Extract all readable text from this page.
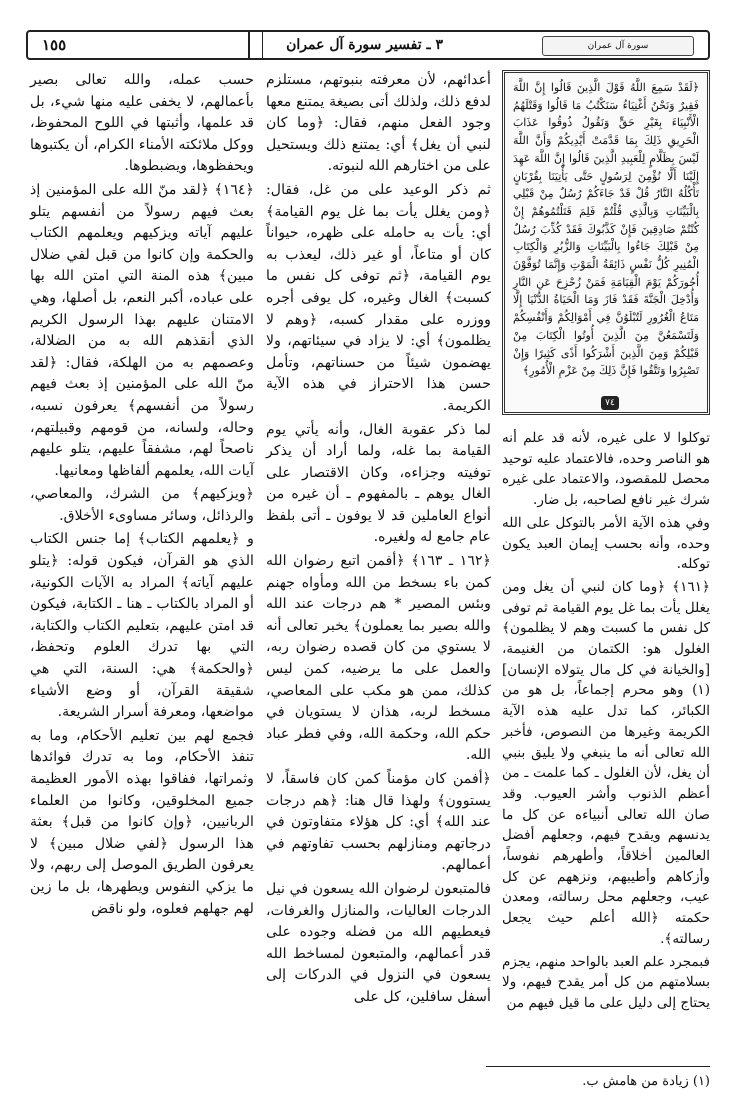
سورة آل عمران
٣ ـ تفسير سورة آل عمران
١٥٥
﴿لَقَدْ سَمِعَ اللَّهُ قَوْلَ الَّذِينَ قَالُوا إِنَّ اللَّهَ فَقِيرٌ وَنَحْنُ أَغْنِيَاءُ سَنَكْتُبُ مَا قَالُوا وَقَتْلَهُمُ الْأَنْبِيَاءَ بِغَيْرِ حَقٍّ وَنَقُولُ ذُوقُوا عَذَابَ الْحَرِيقِ ذَلِكَ بِمَا قَدَّمَتْ أَيْدِيكُمْ وَأَنَّ اللَّهَ لَيْسَ بِظَلَّامٍ لِلْعَبِيدِ الَّذِينَ قَالُوا إِنَّ اللَّهَ عَهِدَ إِلَيْنَا أَلَّا نُؤْمِنَ لِرَسُولٍ حَتَّى يَأْتِيَنَا بِقُرْبَانٍ تَأْكُلُهُ النَّارُ قُلْ قَدْ جَاءَكُمْ رُسُلٌ مِنْ قَبْلِي بِالْبَيِّنَاتِ وَبِالَّذِي قُلْتُمْ فَلِمَ قَتَلْتُمُوهُمْ إِنْ كُنْتُمْ صَادِقِينَ فَإِنْ كَذَّبُوكَ فَقَدْ كُذِّبَ رُسُلٌ مِنْ قَبْلِكَ جَاءُوا بِالْبَيِّنَاتِ وَالزُّبُرِ وَالْكِتَابِ الْمُنِيرِ كُلُّ نَفْسٍ ذَائِقَةُ الْمَوْتِ وَإِنَّمَا تُوَفَّوْنَ أُجُورَكُمْ يَوْمَ الْقِيَامَةِ فَمَنْ زُحْزِحَ عَنِ النَّارِ وَأُدْخِلَ الْجَنَّةَ فَقَدْ فَازَ وَمَا الْحَيَاةُ الدُّنْيَا إِلَّا مَتَاعُ الْغُرُورِ لَتُبْلَوُنَّ فِي أَمْوَالِكُمْ وَأَنْفُسِكُمْ وَلَتَسْمَعُنَّ مِنَ الَّذِينَ أُوتُوا الْكِتَابَ مِنْ قَبْلِكُمْ وَمِنَ الَّذِينَ أَشْرَكُوا أَذًى كَثِيرًا وَإِنْ تَصْبِرُوا وَتَتَّقُوا فَإِنَّ ذَلِكَ مِنْ عَزْمِ الْأُمُورِ﴾
٧٤

أعدائهم، لأن معرفته بنبوتهم، مستلزم لدفع ذلك، ولذلك أتى بصيغة يمتنع معها وجود الفعل منهم، فقال: ﴿وما كان لنبي أن يغل﴾ أي: يمتنع ذلك ويستحيل على من اختارهم الله لنبوته.

ثم ذكر الوعيد على من غل، فقال: ﴿ومن يغلل يأت بما غل يوم القيامة﴾ أي: يأت به حامله على ظهره، حيواناً كان أو متاعاً، أو غير ذلك، ليعذب به يوم القيامة، ﴿ثم توفى كل نفس ما كسبت﴾ الغال وغيره، كل يوفى أجره ووزره على مقدار كسبه، ﴿وهم لا يظلمون﴾ أي: لا يزاد في سيئاتهم، ولا يهضمون شيئاً من حسناتهم، وتأمل حسن هذا الاحتراز في هذه الآية الكريمة.

لما ذكر عقوبة الغال، وأنه يأتي يوم القيامة بما غله، ولما أراد أن يذكر توفيته وجزاءه، وكان الاقتصار على الغال يوهم ـ بالمفهوم ـ أن غيره من أنواع العاملين قد لا يوفون ـ أتى بلفظ عام جامع له ولغيره.

﴿١٦٢ ـ ١٦٣﴾ ﴿أفمن اتبع رضوان الله كمن باء بسخط من الله ومأواه جهنم وبئس المصير * هم درجات عند الله والله بصير بما يعملون﴾ يخبر تعالى أنه لا يستوي من كان قصده رضوان ربه، والعمل على ما يرضيه، كمن ليس كذلك، ممن هو مكب على المعاصي، مسخط لربه، هذان لا يستويان في حكم الله، وحكمة الله، وفي فطر عباد الله.

﴿أفمن كان مؤمناً كمن كان فاسقاً، لا يستوون﴾ ولهذا قال هنا: ﴿هم درجات عند الله﴾ أي: كل هؤلاء متفاوتون في درجاتهم ومنازلهم بحسب تفاوتهم في أعمالهم.

فالمتبعون لرضوان الله يسعون في نيل الدرجات العاليات، والمنازل والغرفات، فيعطيهم الله من فضله وجوده على قدر أعمالهم، والمتبعون لمساخط الله يسعون في النزول في الدركات إلى أسفل سافلين، كل على

حسب عمله، والله تعالى بصير بأعمالهم، لا يخفى عليه منها شيء، بل قد علمها، وأثبتها في اللوح المحفوظ، ووكل ملائكته الأمناء الكرام، أن يكتبوها ويحفظوها، ويضبطوها.

﴿١٦٤﴾ ﴿لقد منّ الله على المؤمنين إذ بعث فيهم رسولاً من أنفسهم يتلو عليهم آياته ويزكيهم ويعلمهم الكتاب والحكمة وإن كانوا من قبل لفي ضلال مبين﴾ هذه المنة التي امتن الله بها على عباده، أكبر النعم، بل أصلها، وهي الامتنان عليهم بهذا الرسول الكريم الذي أنقذهم الله به من الضلالة، وعصمهم به من الهلكة، فقال: ﴿لقد منّ الله على المؤمنين إذ بعث فيهم رسولاً من أنفسهم﴾ يعرفون نسبه، وحاله، ولسانه، من قومهم وقبيلتهم، ناصحاً لهم، مشفقاً عليهم، يتلو عليهم آيات الله، يعلمهم ألفاظها ومعانيها.

﴿ويزكيهم﴾ من الشرك، والمعاصي، والرذائل، وسائر مساوىء الأخلاق.

و ﴿يعلمهم الكتاب﴾ إما جنس الكتاب الذي هو القرآن، فيكون قوله: ﴿يتلو عليهم آياته﴾ المراد به الآيات الكونية، أو المراد بالكتاب ـ هنا ـ الكتابة، فيكون قد امتن عليهم، بتعليم الكتاب والكتابة، التي بها تدرك العلوم وتحفظ، ﴿والحكمة﴾ هي: السنة، التي هي شقيقة القرآن، أو وضع الأشياء مواضعها، ومعرفة أسرار الشريعة.

فجمع لهم بين تعليم الأحكام، وما به تنفذ الأحكام، وما به تدرك فوائدها وثمراتها، ففاقوا بهذه الأمور العظيمة جميع المخلوقين، وكانوا من العلماء الربانيين، ﴿وإن كانوا من قبل﴾ بعثة هذا الرسول ﴿لفي ضلال مبين﴾ لا يعرفون الطريق الموصل إلى ربهم، ولا ما يزكي النفوس ويطهرها، بل ما زين لهم جهلهم فعلوه، ولو ناقض

توكلوا لا على غيره، لأنه قد علم أنه هو الناصر وحده، فالاعتماد عليه توحيد محصل للمقصود، والاعتماد على غيره شرك غير نافع لصاحبه، بل ضار.

وفي هذه الآية الأمر بالتوكل على الله وحده، وأنه بحسب إيمان العبد يكون توكله.

﴿١٦١﴾ ﴿وما كان لنبي أن يغل ومن يغلل يأت بما غل يوم القيامة ثم توفى كل نفس ما كسبت وهم لا يظلمون﴾ الغلول هو: الكتمان من الغنيمة، [والخيانة في كل مال يتولاه الإنسان](١) وهو محرم إجماعاً، بل هو من الكبائر، كما تدل عليه هذه الآية الكريمة وغيرها من النصوص، فأخبر الله تعالى أنه ما ينبغي ولا يليق بنبي أن يغل، لأن الغلول ـ كما علمت ـ من أعظم الذنوب وأشر العيوب. وقد صان الله تعالى أنبياءه عن كل ما يدنسهم ويقدح فيهم، وجعلهم أفضل العالمين أخلاقاً، وأطهرهم نفوساً، وأزكاهم وأطيبهم، ونزههم عن كل عيب، وجعلهم محل رسالته، ومعدن حكمته ﴿الله أعلم حيث يجعل رسالته﴾.

فبمجرد علم العبد بالواحد منهم، يجزم بسلامتهم من كل أمر يقدح فيهم، ولا يحتاج إلى دليل على ما قيل فيهم من

(١) زيادة من هامش ب.
